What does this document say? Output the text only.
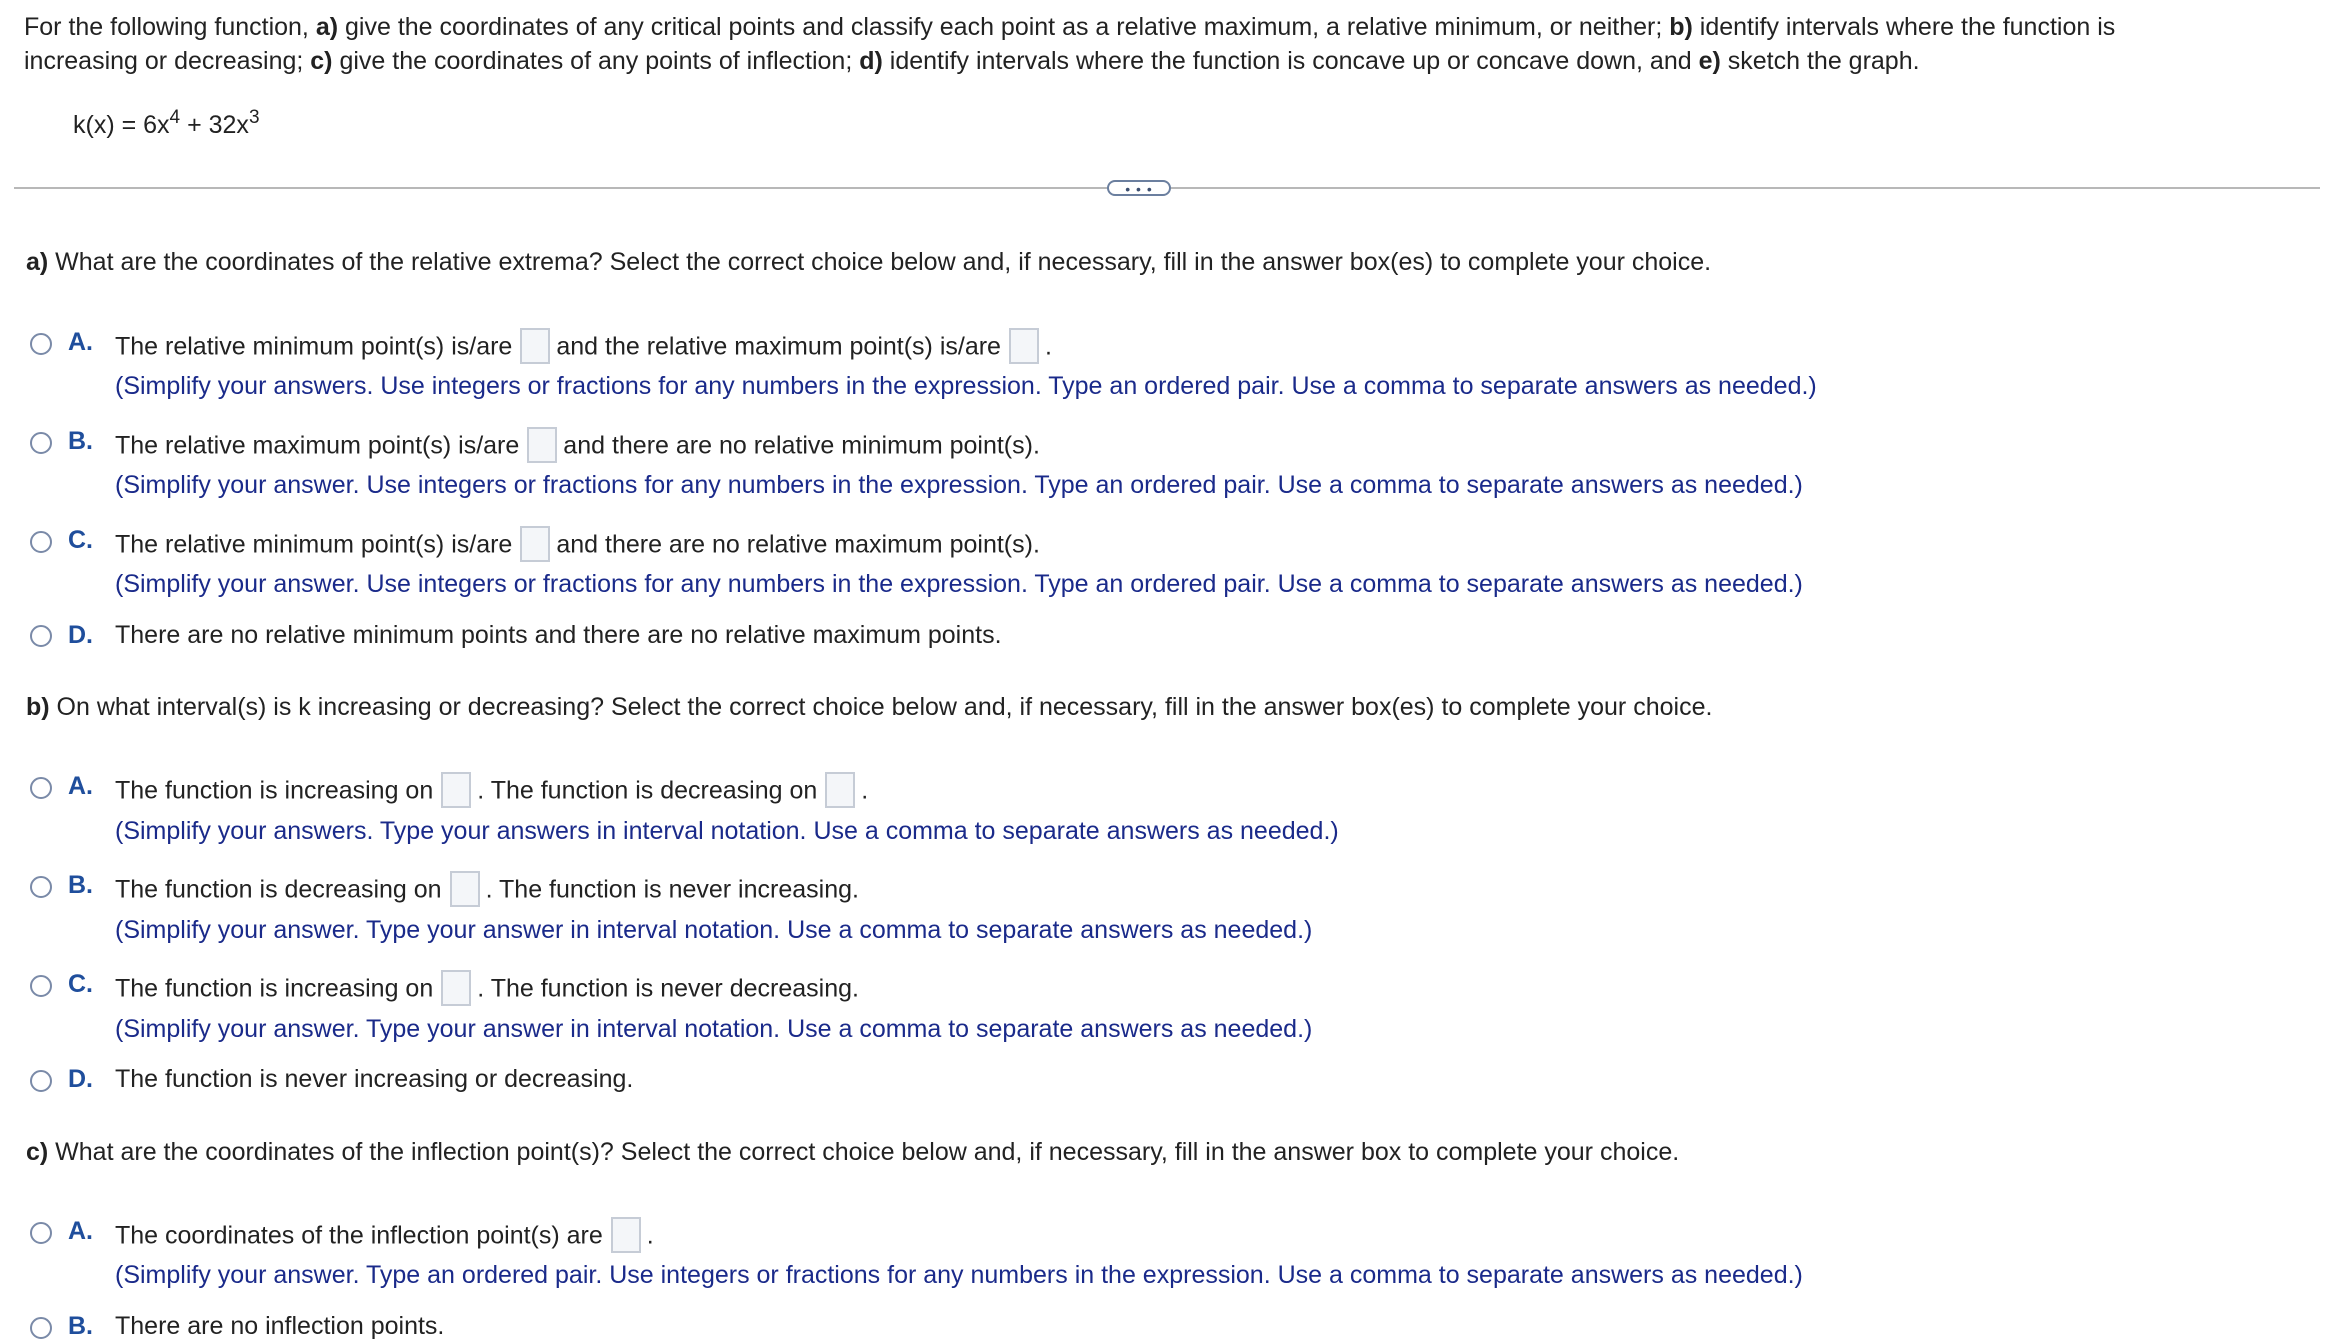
For the following function, a) give the coordinates of any critical points and classify each point as a relative maximum, a relative minimum, or neither; b) identify intervals where the function is

increasing or decreasing; c) give the coordinates of any points of inflection; d) identify intervals where the function is concave up or concave down, and e) sketch the graph.

$k(x) = 6x^4 + 32x^3$
• • •
a) What are the coordinates of the relative extrema? Select the correct choice below and, if necessary, fill in the answer box(es) to complete your choice.
A. The relative minimum point(s) is/are and the relative maximum point(s) is/are .
(Simplify your answers. Use integers or fractions for any numbers in the expression. Type an ordered pair. Use a comma to separate answers as needed.)
B. The relative maximum point(s) is/are and there are no relative minimum point(s).
(Simplify your answer. Use integers or fractions for any numbers in the expression. Type an ordered pair. Use a comma to separate answers as needed.)
C. The relative minimum point(s) is/are and there are no relative maximum point(s).
(Simplify your answer. Use integers or fractions for any numbers in the expression. Type an ordered pair. Use a comma to separate answers as needed.)
D. There are no relative minimum points and there are no relative maximum points.
b) On what interval(s) is k increasing or decreasing? Select the correct choice below and, if necessary, fill in the answer box(es) to complete your choice.
A. The function is increasing on . The function is decreasing on .
(Simplify your answers. Type your answers in interval notation. Use a comma to separate answers as needed.)
B. The function is decreasing on . The function is never increasing.
(Simplify your answer. Type your answer in interval notation. Use a comma to separate answers as needed.)
C. The function is increasing on . The function is never decreasing.
(Simplify your answer. Type your answer in interval notation. Use a comma to separate answers as needed.)
D. The function is never increasing or decreasing.
c) What are the coordinates of the inflection point(s)? Select the correct choice below and, if necessary, fill in the answer box to complete your choice.
A. The coordinates of the inflection point(s) are .
(Simplify your answer. Type an ordered pair. Use integers or fractions for any numbers in the expression. Use a comma to separate answers as needed.)
B. There are no inflection points.
